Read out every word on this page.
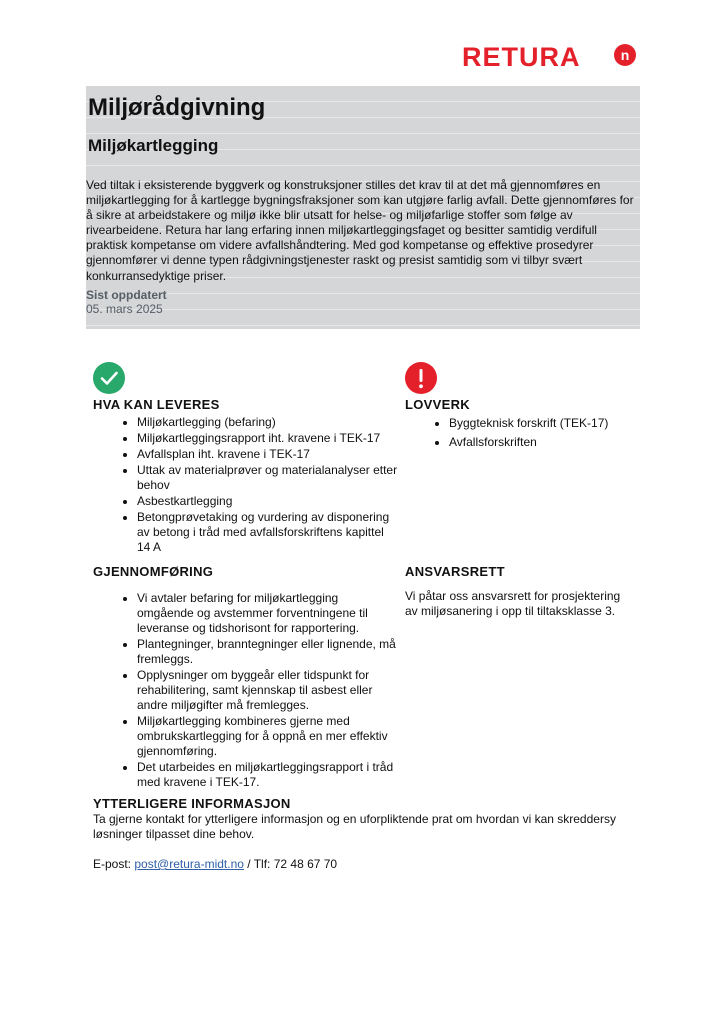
RETURA	n
Miljørådgivning
Miljøkartlegging
Ved tiltak i eksisterende byggverk og konstruksjoner stilles det krav til at det må gjennomføres en miljøkartlegging for å kartlegge bygningsfraksjoner som kan utgjøre farlig avfall. Dette gjennomføres for å sikre at arbeidstakere og miljø ikke blir utsatt for helse- og miljøfarlige stoffer som følge av rivearbeidene. Retura har lang erfaring innen miljøkartleggingsfaget og besitter samtidig verdifull praktisk kompetanse om videre avfallshåndtering. Med god kompetanse og effektive prosedyrer gjennomfører vi denne typen rådgivningstjenester raskt og presist samtidig som vi tilbyr svært konkurransedyktige priser.
Sist oppdatert
05. mars 2025
HVA KAN LEVERES
• Miljøkartlegging (befaring)
• Miljøkartleggingsrapport iht. kravene i TEK-17
• Avfallsplan iht. kravene i TEK-17
• Uttak av materialprøver og materialanalyser etter behov
• Asbestkartlegging
• Betongprøvetaking og vurdering av disponering av betong i tråd med avfallsforskriftens kapittel 14 A
LOVVERK
• Byggteknisk forskrift (TEK-17)
• Avfallsforskriften
GJENNOMFØRING
• Vi avtaler befaring for miljøkartlegging omgående og avstemmer forventningene til leveranse og tidshorisont for rapportering.
• Plantegninger, branntegninger eller lignende, må fremleggs.
• Opplysninger om byggeår eller tidspunkt for rehabilitering, samt kjennskap til asbest eller andre miljøgifter må fremlegges.
• Miljøkartlegging kombineres gjerne med ombrukskartlegging for å oppnå en mer effektiv gjennomføring.
• Det utarbeides en miljøkartleggingsrapport i tråd med kravene i TEK-17.
ANSVARSRETT

Vi påtar oss ansvarsrett for prosjektering av miljøsanering i opp til tiltaksklasse 3.

YTTERLIGERE INFORMASJON

Ta gjerne kontakt for ytterligere informasjon og en uforpliktende prat om hvordan vi kan skreddersy løsninger tilpasset dine behov.

E-post: post@retura-midt.no / Tlf: 72 48 67 70
